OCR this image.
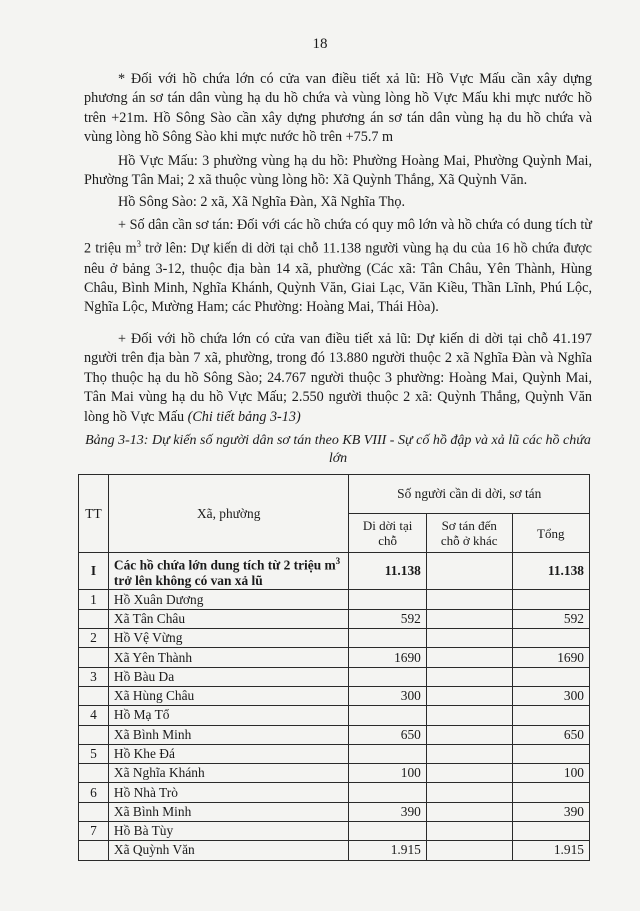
18

* Đối với hồ chứa lớn có cửa van điều tiết xả lũ: Hồ Vực Mấu cần xây dựng phương án sơ tán dân vùng hạ du hồ chứa và vùng lòng hồ Vực Mấu khi mực nước hồ trên +21m. Hồ Sông Sào cần xây dựng phương án sơ tán dân vùng hạ du hồ chứa và vùng lòng hồ Sông Sào khi mực nước hồ trên +75.7 m

Hồ Vực Mấu: 3 phường vùng hạ du hồ: Phường Hoàng Mai, Phường Quỳnh Mai, Phường Tân Mai; 2 xã thuộc vùng lòng hồ: Xã Quỳnh Thắng, Xã Quỳnh Văn.

Hồ Sông Sào: 2 xã, Xã Nghĩa Đàn, Xã Nghĩa Thọ.

+ Số dân cần sơ tán: Đối với các hồ chứa có quy mô lớn và hồ chứa có dung tích từ 2 triệu $m^3$ trở lên: Dự kiến di dời tại chỗ 11.138 người vùng hạ du của 16 hồ chứa được nêu ở bảng 3-12, thuộc địa bàn 14 xã, phường (Các xã: Tân Châu, Yên Thành, Hùng Châu, Bình Minh, Nghĩa Khánh, Quỳnh Văn, Giai Lạc, Văn Kiều, Thần Lĩnh, Phú Lộc, Nghĩa Lộc, Mường Ham; các Phường: Hoàng Mai, Thái Hòa).

+ Đối với hồ chứa lớn có cửa van điều tiết xả lũ: Dự kiến di dời tại chỗ 41.197 người trên địa bàn 7 xã, phường, trong đó 13.880 người thuộc 2 xã Nghĩa Đàn và Nghĩa Thọ thuộc hạ du hồ Sông Sào; 24.767 người thuộc 3 phường: Hoàng Mai, Quỳnh Mai, Tân Mai vùng hạ du hồ Vực Mấu; 2.550 người thuộc 2 xã: Quỳnh Thắng, Quỳnh Văn lòng hồ Vực Mấu (Chi tiết bảng 3-13)

Bảng 3-13: Dự kiến số người dân sơ tán theo KB VIII - Sự cố hồ đập và xả lũ các hồ chứa lớn
TT	Xã, phường	Số người cần di dời, sơ tán		
		Di dời tại chỗ	Sơ tán đến chỗ ở khác	Tổng
I	Các hồ chứa lớn dung tích từ 2 triệu $m^3$ trở lên không có van xả lũ	11.138		11.138
1	Hồ Xuân Dương			
	Xã Tân Châu	592		592
2	Hồ Vệ Vừng			
	Xã Yên Thành	1690		1690
3	Hồ Bàu Da			
	Xã Hùng Châu	300		300
4	Hồ Mạ Tổ			
	Xã Bình Minh	650		650
5	Hồ Khe Đá			
	Xã Nghĩa Khánh	100		100
6	Hồ Nhà Trò			
	Xã Bình Minh	390		390
7	Hồ Bà Tùy			
	Xã Quỳnh Văn	1.915		1.915
